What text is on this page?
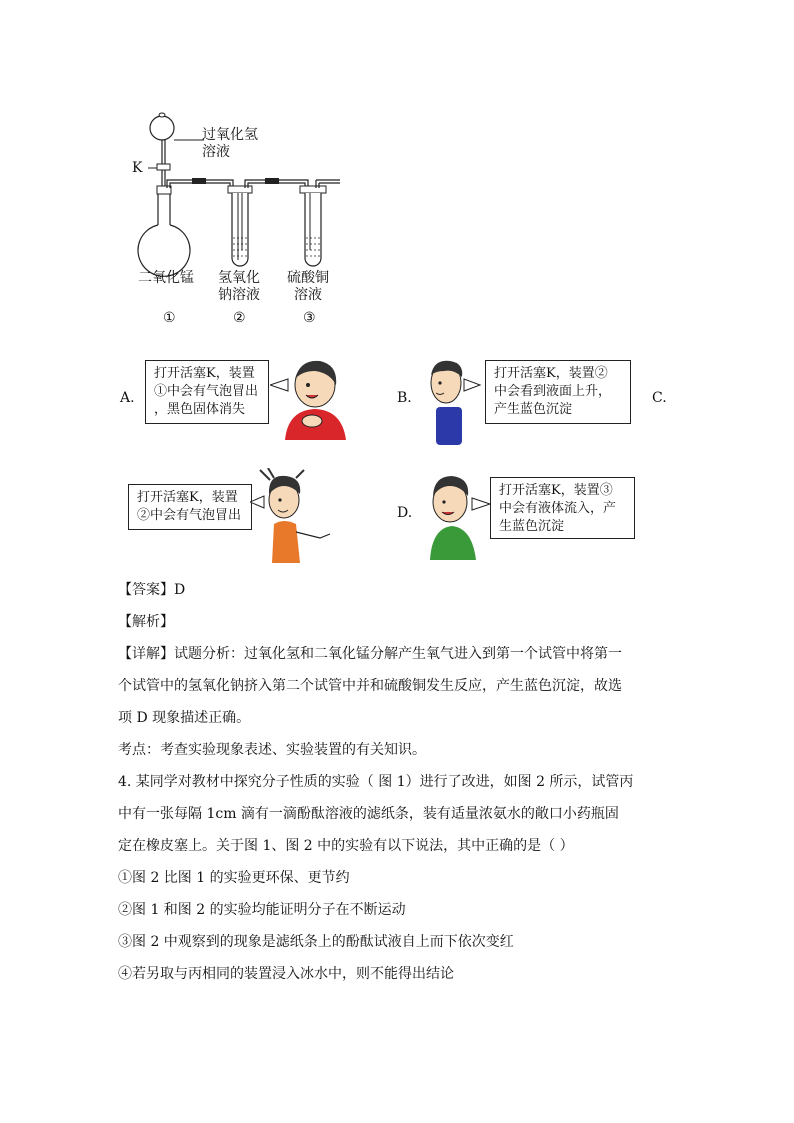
过氧化氢
溶液
K
二氧化锰 氢氧化
钠溶液
硫酸铜
溶液
①	②	③
A.
打开活塞K，装置
①中会有气泡冒出
，黑色固体消失
B.
打开活塞K，装置②
中会看到液面上升，
产生蓝色沉淀
C.
打开活塞K，装置
②中会有气泡冒出	D.
打开活塞K，装置③
中会有液体流入，产
生蓝色沉淀
【答案】D
【解析】
【详解】试题分析：过氧化氢和二氧化锰分解产生氧气进入到第一个试管中将第一
个试管中的氢氧化钠挤入第二个试管中并和硫酸铜发生反应，产生蓝色沉淀，故选
项 D 现象描述正确。
考点：考查实验现象表述、实验装置的有关知识。
4. 某同学对教材中探究分子性质的实验（ 图 1）进行了改进，如图 2 所示，试管丙
中有一张每隔 1cm 滴有一滴酚酞溶液的滤纸条，装有适量浓氨水的敞口小药瓶固
定在橡皮塞上。关于图 1、图 2 中的实验有以下说法，其中正确的是（ ）
①图 2 比图 1 的实验更环保、更节约
②图 1 和图 2 的实验均能证明分子在不断运动
③图 2 中观察到的现象是滤纸条上的酚酞试液自上而下依次变红
④若另取与丙相同的装置浸入冰水中，则不能得出结论
